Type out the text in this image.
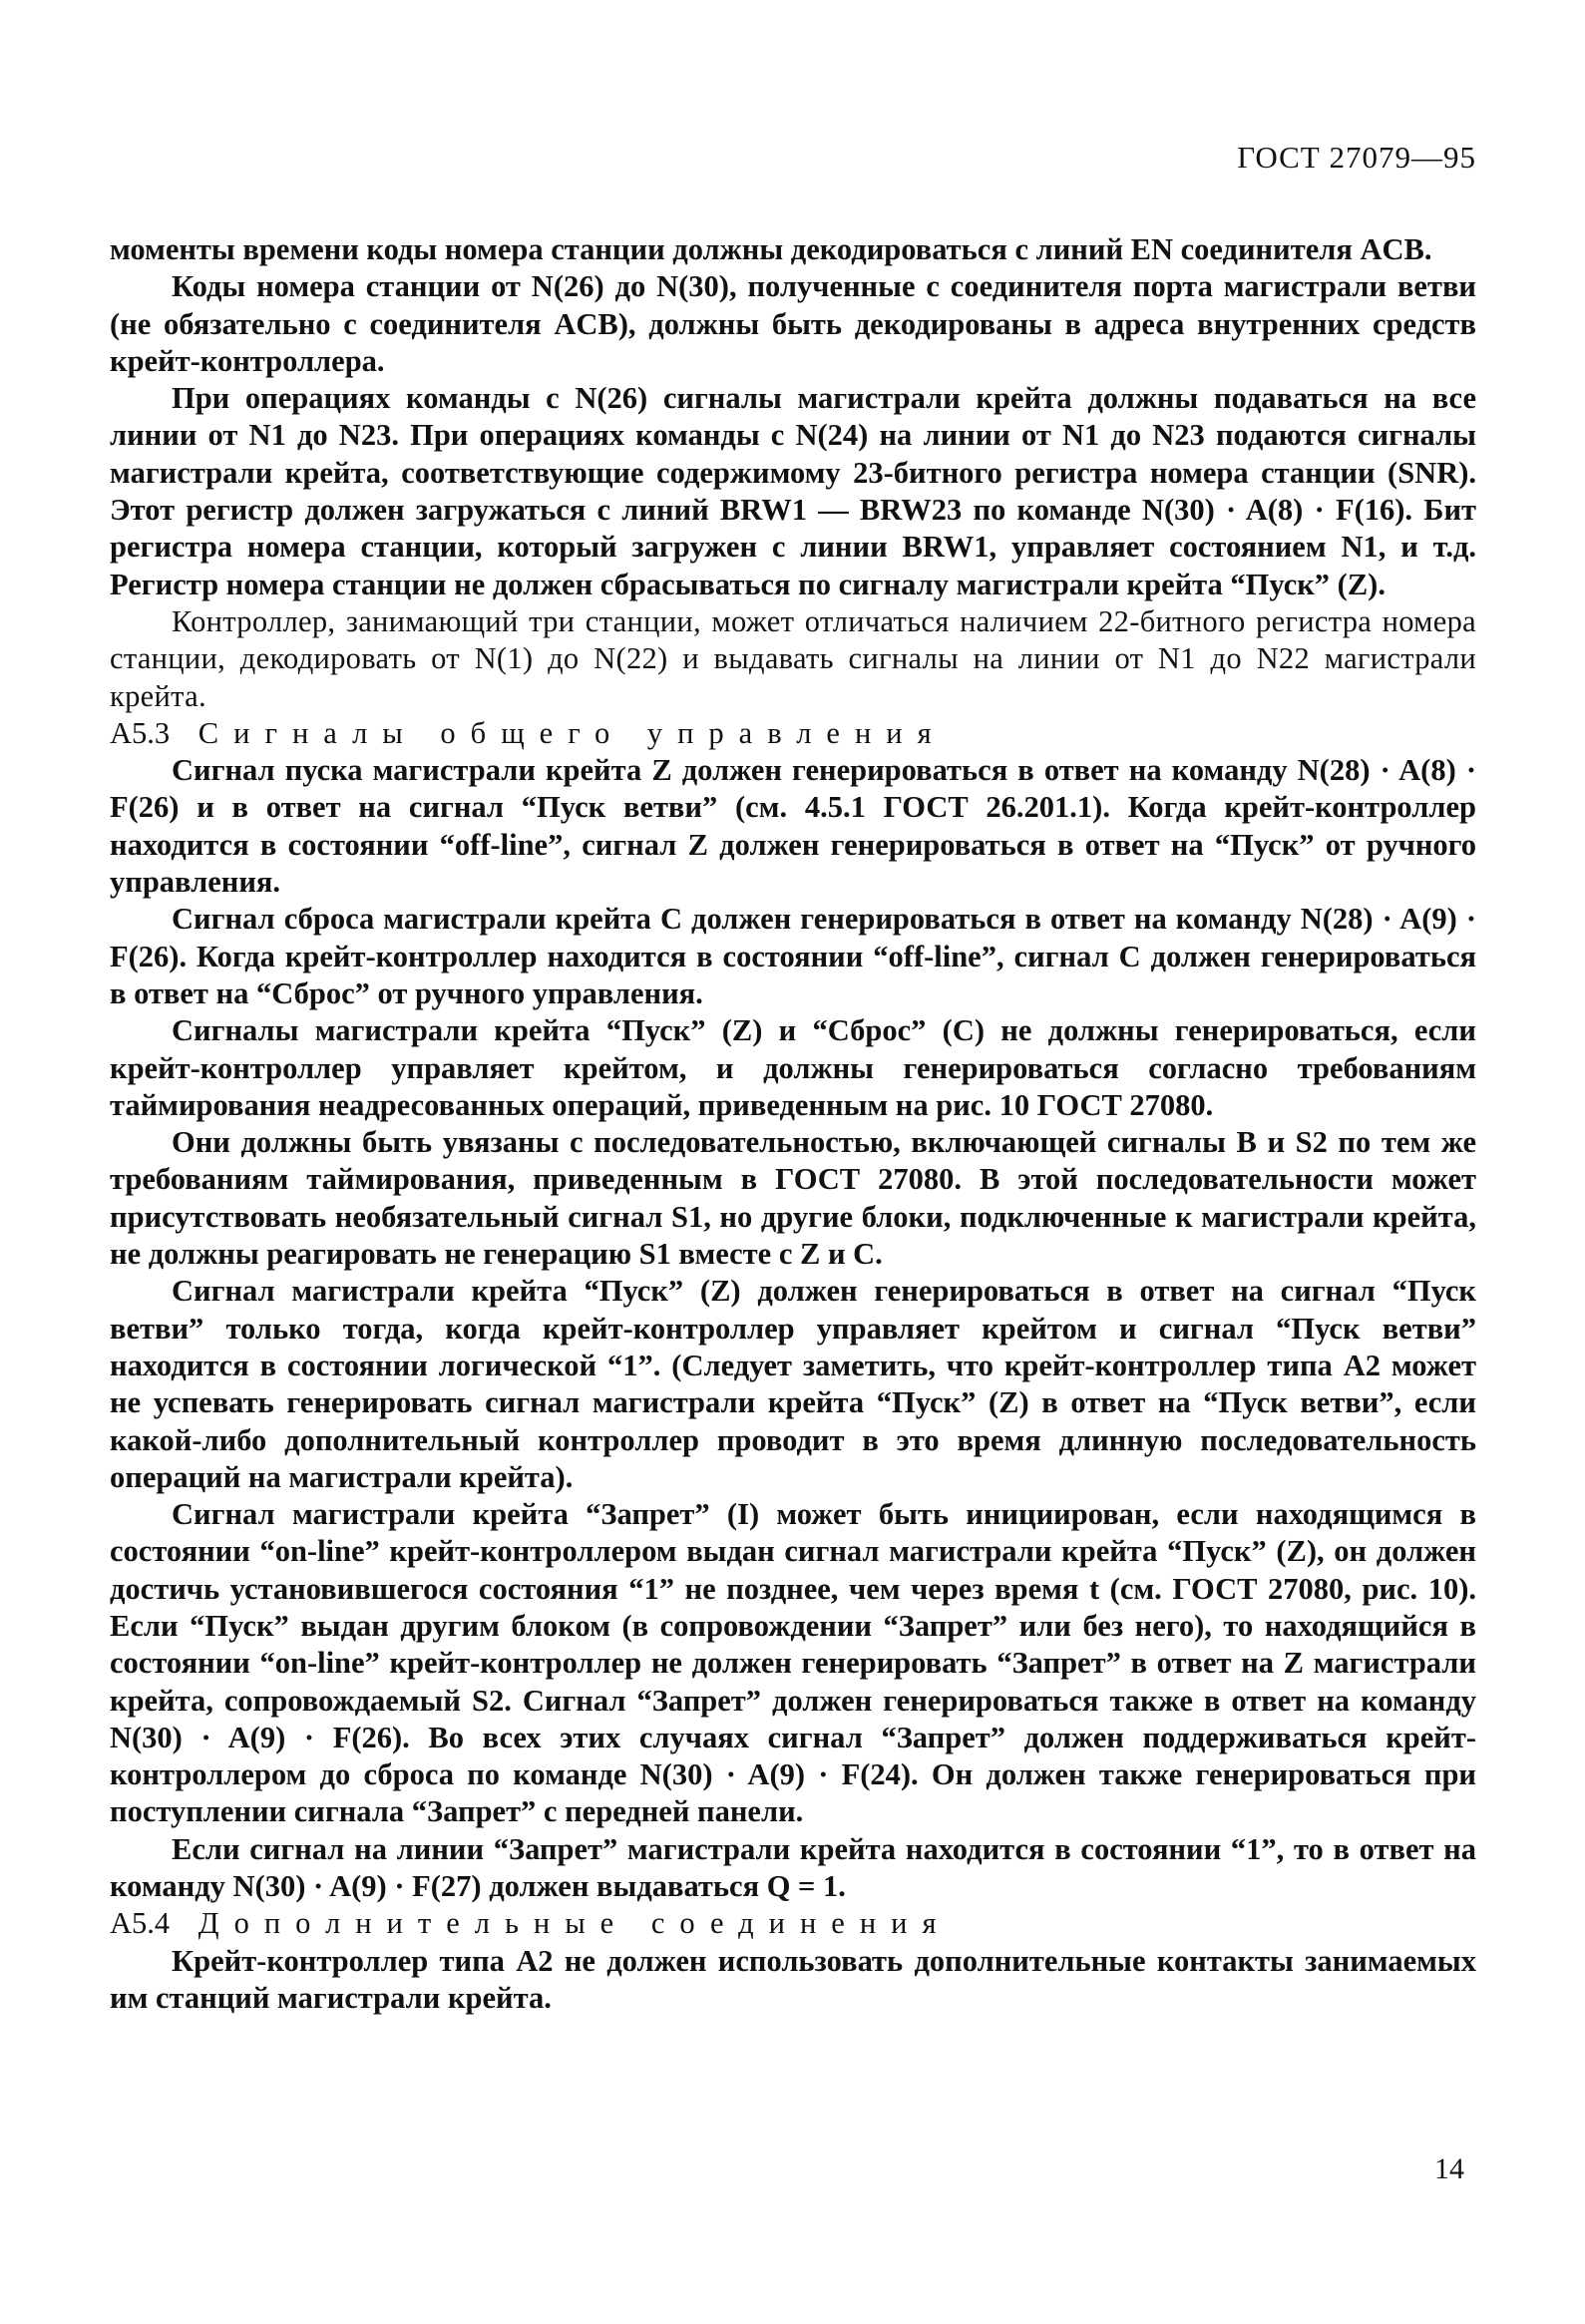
ГОСТ 27079—95

моменты времени коды номера станции должны декодироваться с линий EN соединителя ACB.

Коды номера станции от N(26) до N(30), полученные с соединителя порта магистрали ветви (не обязательно с соединителя ACB), должны быть декодированы в адреса внутренних средств крейт-контроллера.

При операциях команды с N(26) сигналы магистрали крейта должны подаваться на все линии от N1 до N23. При операциях команды с N(24) на линии от N1 до N23 подаются сигналы магистрали крейта, соответствующие содержимому 23-битного регистра номера станции (SNR). Этот регистр должен загружаться с линий BRW1 — BRW23 по команде N(30) · A(8) · F(16). Бит регистра номера станции, который загружен с линии BRW1, управляет состоянием N1, и т.д. Регистр номера станции не должен сбрасываться по сигналу магистрали крейта “Пуск” (Z).

Контроллер, занимающий три станции, может отличаться наличием 22-битного регистра номера станции, декодировать от N(1) до N(22) и выдавать сигналы на линии от N1 до N22 магистрали крейта.

А5.3 Сигналы общего управления

Сигнал пуска магистрали крейта Z должен генерироваться в ответ на команду N(28) · A(8) · F(26) и в ответ на сигнал “Пуск ветви” (см. 4.5.1 ГОСТ 26.201.1). Когда крейт-контроллер находится в состоянии “off-line”, сигнал Z должен генерироваться в ответ на “Пуск” от ручного управления.

Сигнал сброса магистрали крейта C должен генерироваться в ответ на команду N(28) · A(9) · F(26). Когда крейт-контроллер находится в состоянии “off-line”, сигнал C должен генерироваться в ответ на “Сброс” от ручного управления.

Сигналы магистрали крейта “Пуск” (Z) и “Сброс” (C) не должны генерироваться, если крейт-контроллер управляет крейтом, и должны генерироваться согласно требованиям таймирования неадресованных операций, приведенным на рис. 10 ГОСТ 27080.

Они должны быть увязаны с последовательностью, включающей сигналы B и S2 по тем же требованиям таймирования, приведенным в ГОСТ 27080. В этой последовательности может присутствовать необязательный сигнал S1, но другие блоки, подключенные к магистрали крейта, не должны реагировать не генерацию S1 вместе с Z и C.

Сигнал магистрали крейта “Пуск” (Z) должен генерироваться в ответ на сигнал “Пуск ветви” только тогда, когда крейт-контроллер управляет крейтом и сигнал “Пуск ветви” находится в состоянии логической “1”. (Следует заметить, что крейт-контроллер типа A2 может не успевать генерировать сигнал магистрали крейта “Пуск” (Z) в ответ на “Пуск ветви”, если какой-либо дополнительный контроллер проводит в это время длинную последовательность операций на магистрали крейта).

Сигнал магистрали крейта “Запрет” (I) может быть инициирован, если находящимся в состоянии “on-line” крейт-контроллером выдан сигнал магистрали крейта “Пуск” (Z), он должен достичь установившегося состояния “1” не позднее, чем через время t (см. ГОСТ 27080, рис. 10). Если “Пуск” выдан другим блоком (в сопровождении “Запрет” или без него), то находящийся в состоянии “on-line” крейт-контроллер не должен генерировать “Запрет” в ответ на Z магистрали крейта, сопровождаемый S2. Сигнал “Запрет” должен генерироваться также в ответ на команду N(30) · A(9) · F(26). Во всех этих случаях сигнал “Запрет” должен поддерживаться крейт-контроллером до сброса по команде N(30) · A(9) · F(24). Он должен также генерироваться при поступлении сигнала “Запрет” с передней панели.

Если сигнал на линии “Запрет” магистрали крейта находится в состоянии “1”, то в ответ на команду N(30) · A(9) · F(27) должен выдаваться Q = 1.

А5.4 Дополнительные соединения

Крейт-контроллер типа A2 не должен использовать дополнительные контакты занимаемых им станций магистрали крейта.

14
